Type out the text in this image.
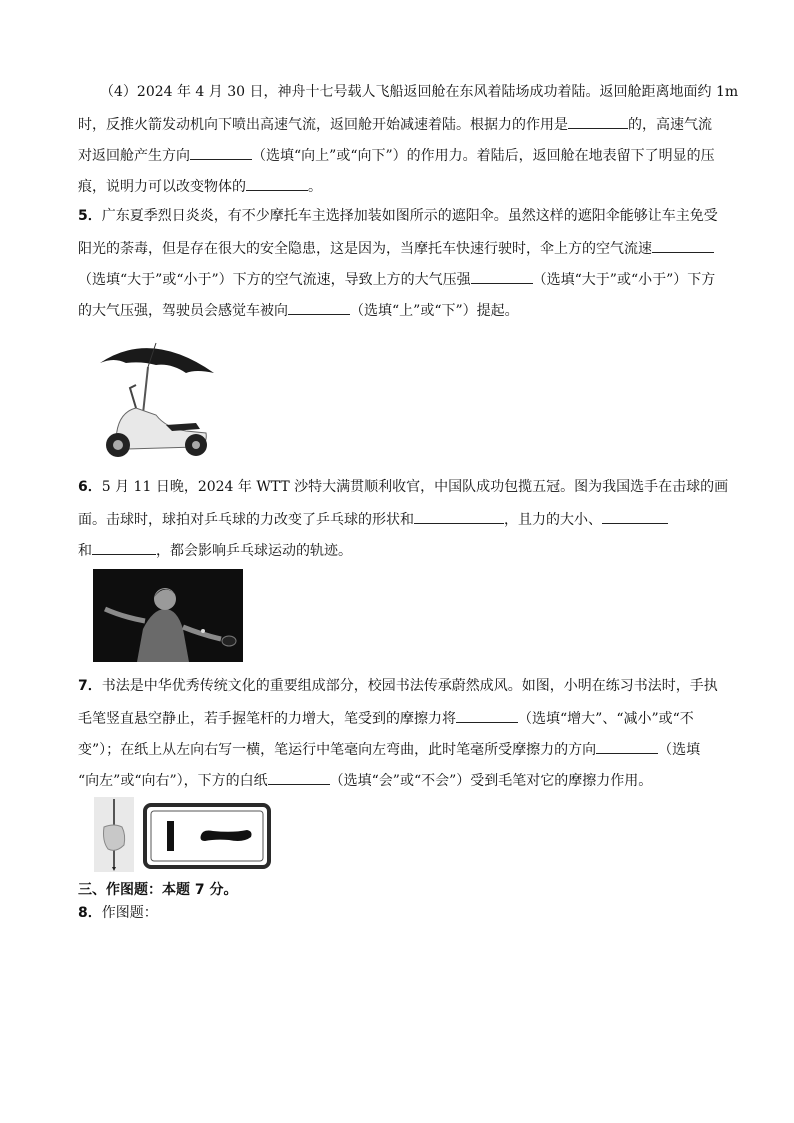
（4）2024 年 4 月 30 日，神舟十七号载人飞船返回舱在东风着陆场成功着陆。返回舱距离地面约 1m
时，反推火箭发动机向下喷出高速气流，返回舱开始减速着陆。根据力的作用是	的，高速气流
对返回舱产生方向	（选填“向上”或“向下”）的作用力。着陆后，返回舱在地表留下了明显的压
痕，说明力可以改变物体的	。
5．广东夏季烈日炎炎，有不少摩托车主选择加装如图所示的遮阳伞。虽然这样的遮阳伞能够让车主免受
阳光的荼毒，但是存在很大的安全隐患，这是因为，当摩托车快速行驶时，伞上方的空气流速
（选填“大于”或“小于”）下方的空气流速，导致上方的大气压强	（选填“大于”或“小于”）下方
的大气压强，驾驶员会感觉车被向	（选填“上”或“下”）提起。
6．5 月 11 日晚，2024 年 WTT 沙特大满贯顺利收官，中国队成功包揽五冠。图为我国选手在击球的画
面。击球时，球拍对乒乓球的力改变了乒乓球的形状和	，且力的大小、
和	，都会影响乒乓球运动的轨迹。
7．书法是中华优秀传统文化的重要组成部分，校园书法传承蔚然成风。如图，小明在练习书法时，手执
毛笔竖直悬空静止，若手握笔杆的力增大，笔受到的摩擦力将	（选填“增大”、“减小”或“不
变”）；在纸上从左向右写一横，笔运行中笔毫向左弯曲，此时笔毫所受摩擦力的方向	（选填
“向左”或“向右”），下方的白纸	（选填“会”或“不会”）受到毛笔对它的摩擦力作用。
三、作图题：本题 7 分。
8．作图题：
